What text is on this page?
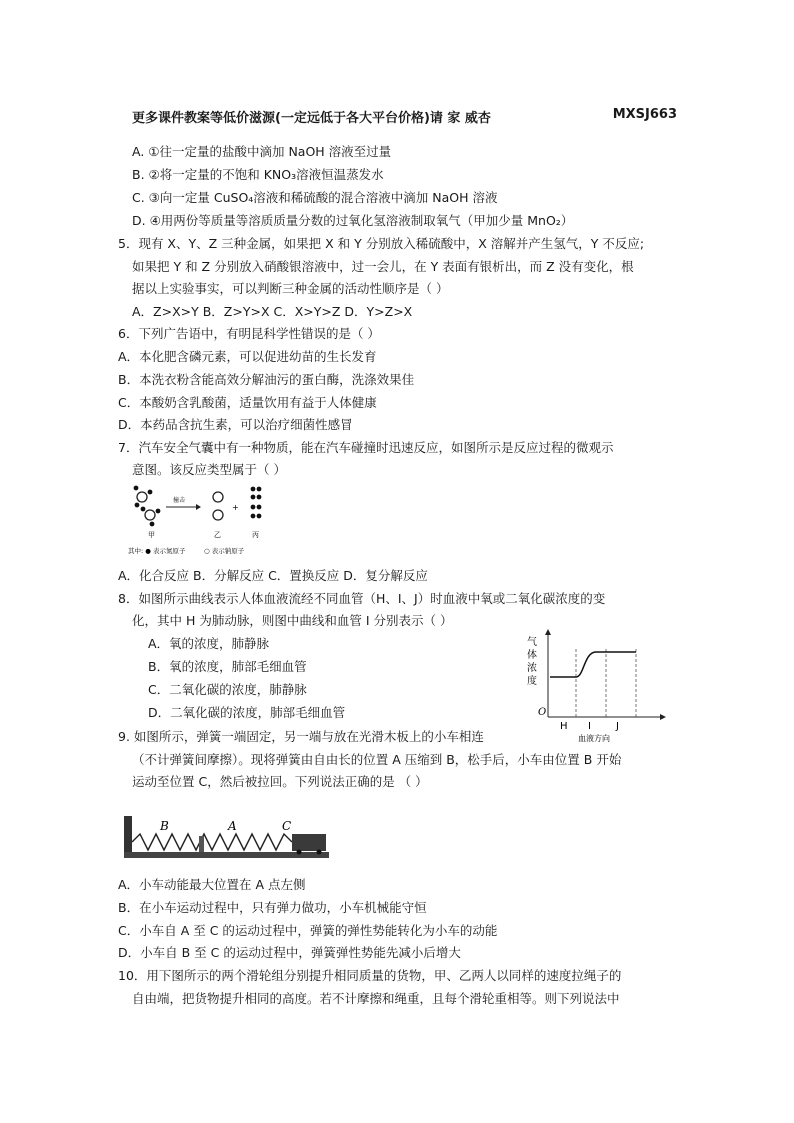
更多课件教案等低价滋源(一定远低于各大平台价格)请 家 威杏	MXSJ663
A. ①往一定量的盐酸中滴加 NaOH 溶液至过量
B. ②将一定量的不饱和 KNO₃溶液恒温蒸发水
C. ③向一定量 CuSO₄溶液和稀硫酸的混合溶液中滴加 NaOH 溶液
D. ④用两份等质量等溶质质量分数的过氧化氢溶液制取氧气（甲加少量 MnO₂）
5．现有 X、Y、Z 三种金属，如果把 X 和 Y 分别放入稀硫酸中，X 溶解并产生氢气，Y 不反应;
如果把 Y 和 Z 分别放入硝酸银溶液中，过一会儿，在 Y 表面有银析出，而 Z 没有变化，根
据以上实验事实，可以判断三种金属的活动性顺序是（ ）
A．Z>X>Y B．Z>Y>X C．X>Y>Z D．Y>Z>X
6．下列广告语中，有明昆科学性错误的是（ ）
A．本化肥含磷元素，可以促进幼苗的生长发育
B．本洗衣粉含能高效分解油污的蛋白酶，洗涤效果佳
C．本酸奶含乳酸菌，适量饮用有益于人体健康
D．本药品含抗生素，可以治疗细菌性感冒
7．汽车安全气囊中有一种物质，能在汽车碰撞时迅速反应，如图所示是反应过程的微观示
意图。该反应类型属于（ ）
甲
撞击
乙
+
丙
其中: ● 表示氮原子	○ 表示钠原子
A．化合反应 B．分解反应 C．置换反应 D．复分解反应
8．如图所示曲线表示人体血液流经不同血管（H、I、J）时血液中氧或二氧化碳浓度的变
化，其中 H 为肺动脉，则图中曲线和血管 I 分别表示（ ）
A．氧的浓度，肺静脉
B．氧的浓度，肺部毛细血管
C．二氧化碳的浓度，肺静脉
D．二氧化碳的浓度，肺部毛细血管
气
体
浓
度
O
H I	J
血液方向
9. 如图所示，弹簧一端固定，另一端与放在光滑木板上的小车相连
（不计弹簧间摩擦）。现将弹簧由自由长的位置 A 压缩到 B，松手后，小车由位置 B 开始
运动至位置 C，然后被拉回。下列说法正确的是 （ ）
B	A	C
A．小车动能最大位置在 A 点左侧
B．在小车运动过程中，只有弹力做功，小车机械能守恒
C．小车自 A 至 C 的运动过程中，弹簧的弹性势能转化为小车的动能
D．小车自 B 至 C 的运动过程中，弹簧弹性势能先减小后增大
10．用下图所示的两个滑轮组分别提升相同质量的货物，甲、乙两人以同样的速度拉绳子的
自由端，把货物提升相同的高度。若不计摩擦和绳重，且每个滑轮重相等。则下列说法中
